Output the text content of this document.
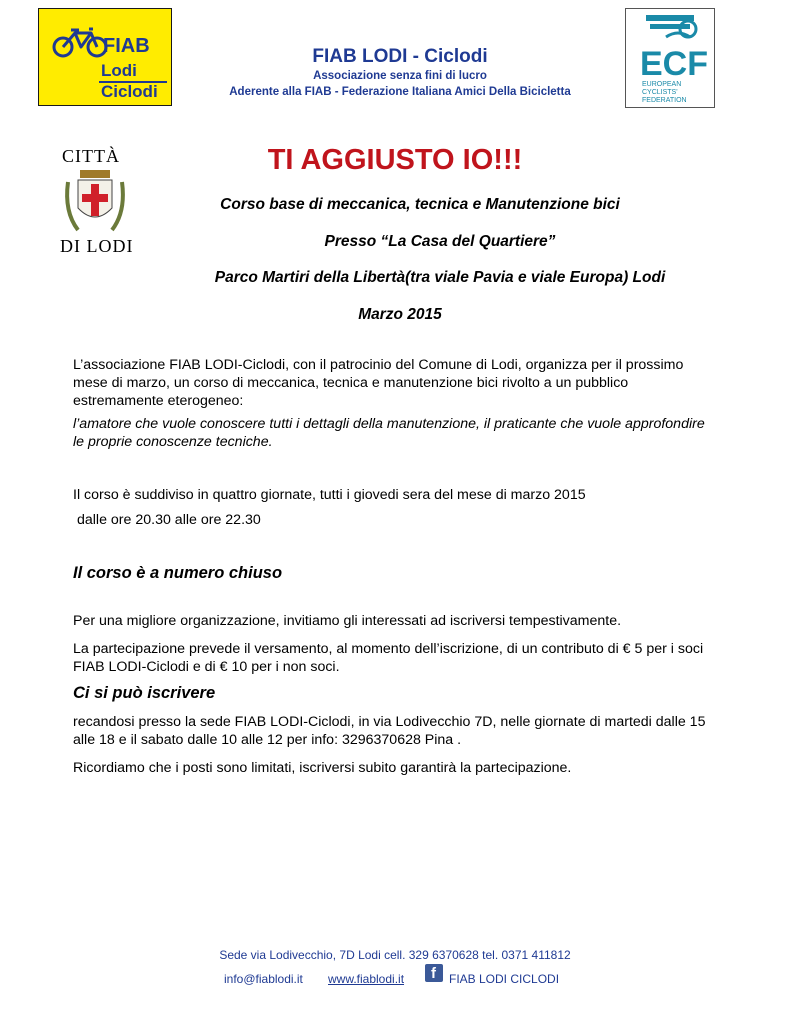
FIAB
Lodi
Ciclodi
FIAB LODI - Ciclodi
Associazione senza fini di lucro
Aderente alla FIAB - Federazione Italiana Amici Della Bicicletta
ECF
EUROPEAN
CYCLISTS'
FEDERATION
CITTÀ
DI LODI
TI AGGIUSTO IO!!!
Corso base di meccanica, tecnica e Manutenzione bici
Presso “La Casa del Quartiere”
Parco Martiri della Libertà(tra viale Pavia e viale Europa) Lodi
Marzo 2015
L’associazione FIAB LODI-Ciclodi, con il patrocinio del Comune di Lodi, organizza per il prossimo mese di marzo, un corso di meccanica, tecnica e manutenzione bici rivolto a un pubblico estremamente eterogeneo:
l’amatore che vuole conoscere tutti i dettagli della manutenzione, il praticante che vuole approfondire le proprie conoscenze tecniche.
Il corso è suddiviso in quattro giornate, tutti i giovedi sera del mese di marzo 2015
dalle ore 20.30 alle ore 22.30
Il corso è a numero chiuso
Per una migliore organizzazione, invitiamo gli interessati ad iscriversi tempestivamente.
La partecipazione prevede il versamento, al momento dell’iscrizione, di un contributo di € 5 per i soci FIAB LODI-Ciclodi e di € 10 per i non soci.
Ci si può iscrivere
recandosi presso la sede FIAB LODI-Ciclodi, in via Lodivecchio 7D, nelle giornate di martedi dalle 15 alle 18 e il sabato dalle 10 alle 12 per info: 3296370628 Pina .
Ricordiamo che i posti sono limitati, iscriversi subito garantirà la partecipazione.
Sede via Lodivecchio, 7D Lodi cell. 329 6370628 tel. 0371 411812
info@fiablodi.it www.fiablodi.it f FIAB LODI CICLODI
